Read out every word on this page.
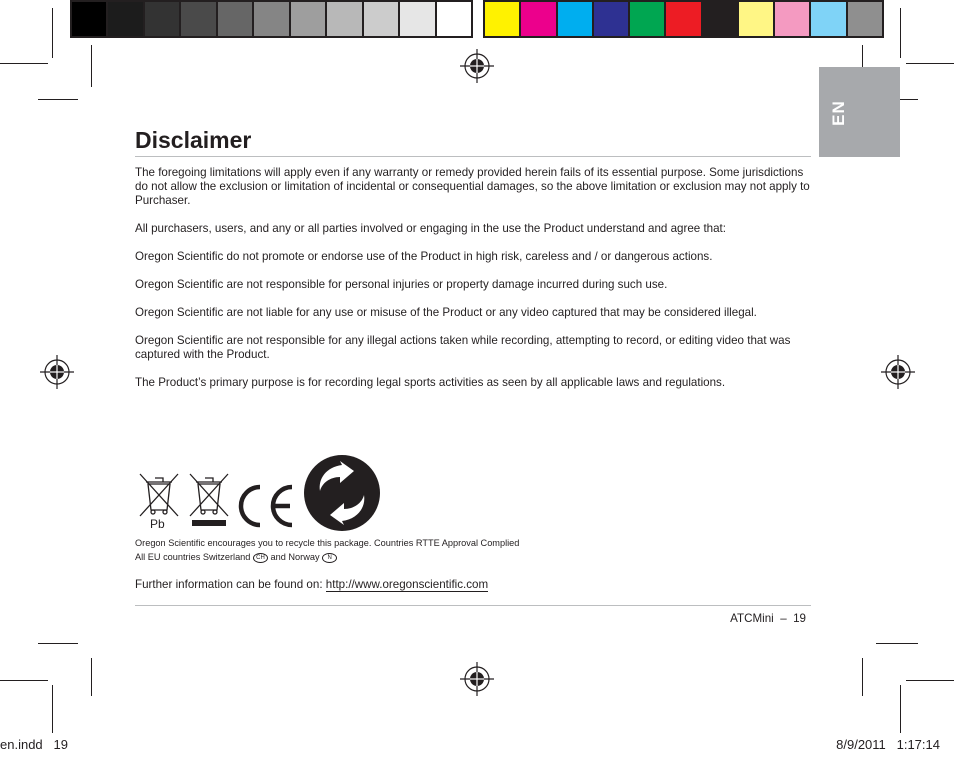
EN
Disclaimer

The foregoing limitations will apply even if any warranty or remedy provided herein fails of its essential purpose. Some jurisdictions do not allow the exclusion or limitation of incidental or consequential damages, so the above limitation or exclusion may not apply to Purchaser.

All purchasers, users, and any or all parties involved or engaging in the use the Product understand and agree that:

Oregon Scientific do not promote or endorse use of the Product in high risk, careless and / or dangerous actions.

Oregon Scientific are not responsible for personal injuries or property damage incurred during such use.

Oregon Scientific are not liable for any use or misuse of the Product or any video captured that may be considered illegal.

Oregon Scientific are not responsible for any illegal actions taken while recording, attempting to record, or editing video that was captured with the Product.

The Product’s primary purpose is for recording legal sports activities as seen by all applicable laws and regulations.

Pb
Oregon Scientific encourages you to recycle this package. Countries RTTE Approval Complied
All EU countries Switzerland CH and Norway N
Further information can be found on: http://www.oregonscientific.com
ATCMini – 19
en.indd   19	8/9/2011   1:17:14
